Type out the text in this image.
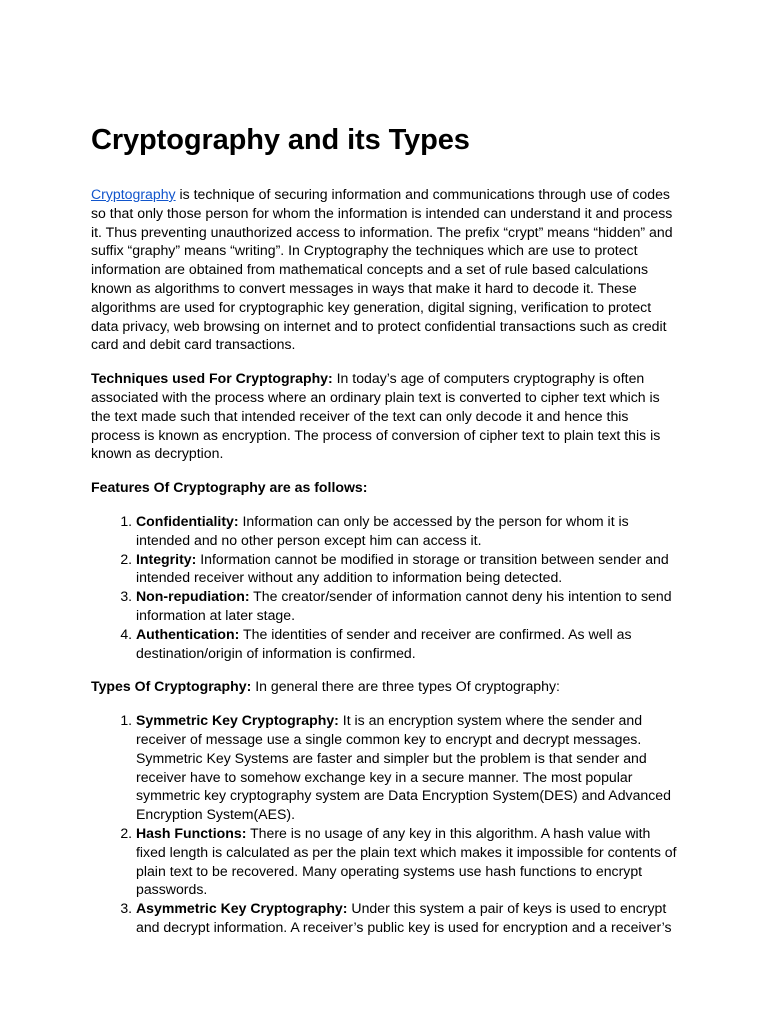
Cryptography and its Types

Cryptography is technique of securing information and communications through use of codes so that only those person for whom the information is intended can understand it and process it. Thus preventing unauthorized access to information. The prefix “crypt” means “hidden” and suffix “graphy” means “writing”. In Cryptography the techniques which are use to protect information are obtained from mathematical concepts and a set of rule based calculations known as algorithms to convert messages in ways that make it hard to decode it. These algorithms are used for cryptographic key generation, digital signing, verification to protect data privacy, web browsing on internet and to protect confidential transactions such as credit card and debit card transactions.

Techniques used For Cryptography: In today’s age of computers cryptography is often associated with the process where an ordinary plain text is converted to cipher text which is the text made such that intended receiver of the text can only decode it and hence this process is known as encryption. The process of conversion of cipher text to plain text this is known as decryption.

Features Of Cryptography are as follows:

1. Confidentiality: Information can only be accessed by the person for whom it is intended and no other person except him can access it.
2. Integrity: Information cannot be modified in storage or transition between sender and intended receiver without any addition to information being detected.
3. Non-repudiation: The creator/sender of information cannot deny his intention to send information at later stage.
4. Authentication: The identities of sender and receiver are confirmed. As well as destination/origin of information is confirmed.

Types Of Cryptography: In general there are three types Of cryptography:

1. Symmetric Key Cryptography: It is an encryption system where the sender and receiver of message use a single common key to encrypt and decrypt messages. Symmetric Key Systems are faster and simpler but the problem is that sender and receiver have to somehow exchange key in a secure manner. The most popular symmetric key cryptography system are Data Encryption System(DES) and Advanced Encryption System(AES).
2. Hash Functions: There is no usage of any key in this algorithm. A hash value with fixed length is calculated as per the plain text which makes it impossible for contents of plain text to be recovered. Many operating systems use hash functions to encrypt passwords.
3. Asymmetric Key Cryptography: Under this system a pair of keys is used to encrypt and decrypt information. A receiver’s public key is used for encryption and a receiver’s
